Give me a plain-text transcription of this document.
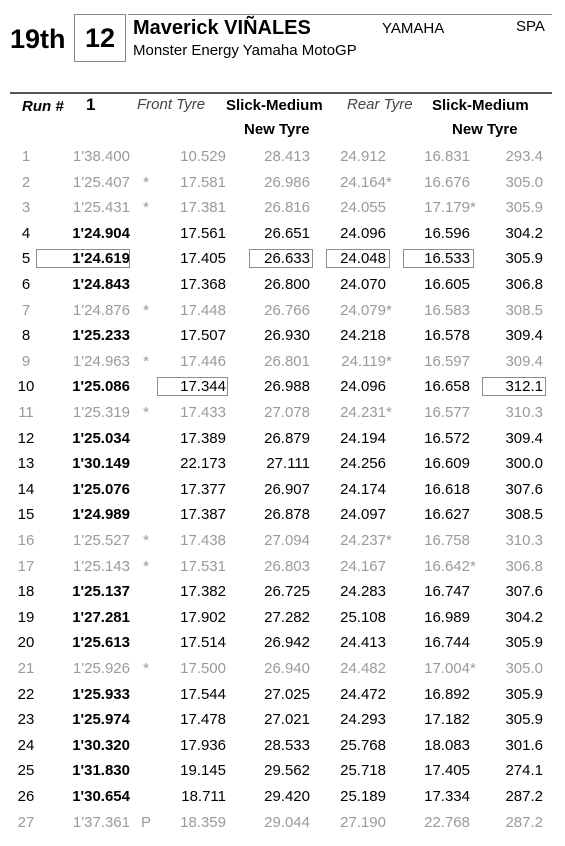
19th 12 Maverick VIÑALES
Monster Energy Yamaha MotoGP
YAMAHA	SPA
Run # 1	Front Tyre Slick-Medium
New Tyre
Rear Tyre Slick-Medium
New Tyre
1	1'38.400	10.529	28.413	24.912	16.831	293.4
2	1'25.407 *	17.581	26.986	24.164 *	16.676	305.0
3	1'25.431 *	17.381	26.816	24.055	17.179 *	305.9
4	1'24.904	17.561	26.651	24.096	16.596	304.2
5	1'24.619	17.405	26.633	24.048	16.533	305.9
6	1'24.843	17.368	26.800	24.070	16.605	306.8
7	1'24.876 *	17.448	26.766	24.079 *	16.583	308.5
8	1'25.233	17.507	26.930	24.218	16.578	309.4
9	1'24.963 *	17.446	26.801	24.119 *	16.597	309.4
10	1'25.086	17.344	26.988	24.096	16.658	312.1
11	1'25.319 *	17.433	27.078	24.231 *	16.577	310.3
12	1'25.034	17.389	26.879	24.194	16.572	309.4
13	1'30.149	22.173	27.111	24.256	16.609	300.0
14	1'25.076	17.377	26.907	24.174	16.618	307.6
15	1'24.989	17.387	26.878	24.097	16.627	308.5
16	1'25.527 *	17.438	27.094	24.237 *	16.758	310.3
17	1'25.143 *	17.531	26.803	24.167	16.642 *	306.8
18	1'25.137	17.382	26.725	24.283	16.747	307.6
19	1'27.281	17.902	27.282	25.108	16.989	304.2
20	1'25.613	17.514	26.942	24.413	16.744	305.9
21	1'25.926 *	17.500	26.940	24.482	17.004 *	305.0
22	1'25.933	17.544	27.025	24.472	16.892	305.9
23	1'25.974	17.478	27.021	24.293	17.182	305.9
24	1'30.320	17.936	28.533	25.768	18.083	301.6
25	1'31.830	19.145	29.562	25.718	17.405	274.1
26	1'30.654	18.711	29.420	25.189	17.334	287.2
27	1'37.361 P	18.359	29.044	27.190	22.768	287.2
